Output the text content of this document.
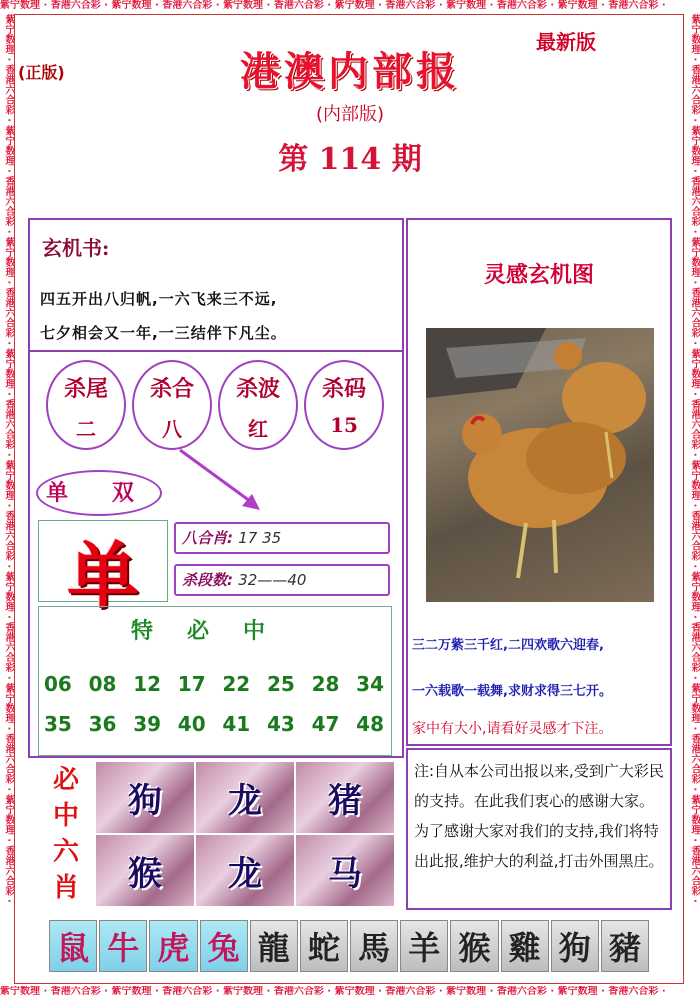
紫宁数理 · 香港六合彩 · 紫宁数理 · 香港六合彩 · 紫宁数理 · 香港六合彩 · 紫宁数理 · 香港六合彩 · 紫宁数理 · 香港六合彩 · 紫宁数理 · 香港六合彩 ·
紫宁数理 · 香港六合彩 · 紫宁数理 · 香港六合彩 · 紫宁数理 · 香港六合彩 · 紫宁数理 · 香港六合彩 · 紫宁数理 · 香港六合彩 · 紫宁数理 · 香港六合彩 ·
紫宁数理 · 香港六合彩 · 紫宁数理 · 香港六合彩 · 紫宁数理 · 香港六合彩 · 紫宁数理 · 香港六合彩 · 紫宁数理 · 香港六合彩 · 紫宁数理 · 香港六合彩 · 紫宁数理 · 香港六合彩 · 紫宁数理 · 香港六合彩 ·
紫宁数理 · 香港六合彩 · 紫宁数理 · 香港六合彩 · 紫宁数理 · 香港六合彩 · 紫宁数理 · 香港六合彩 · 紫宁数理 · 香港六合彩 · 紫宁数理 · 香港六合彩 · 紫宁数理 · 香港六合彩 · 紫宁数理 · 香港六合彩 ·
(正版)
最新版
港澳内部报
(内部版)
第 114 期
玄机书:
四五开出八归帆,一六飞来三不远,
七夕相会又一年,一三结伴下凡尘。
杀尾
二
杀合
八
杀波
红
杀码
15
单 双
单	八合肖: 17 35
杀段数: 32——40
特必中
06 08 12 17 22 25 28 34
35 36 39 40 41 43 47 48
必中六肖
狗	龙	猪
猴	龙	马
灵感玄机图
三二万紫三千红,二四欢歌六迎春,
一六载歌一载舞,求财求得三七开。
家中有大小,请看好灵感才下注。
注:自从本公司出报以来,受到广大彩民的支持。在此我们衷心的感谢大家。为了感谢大家对我们的支持,我们将特出此报,维护大的利益,打击外围黑庄。
鼠 牛 虎 兔 龍 蛇 馬 羊 猴 雞 狗 豬
